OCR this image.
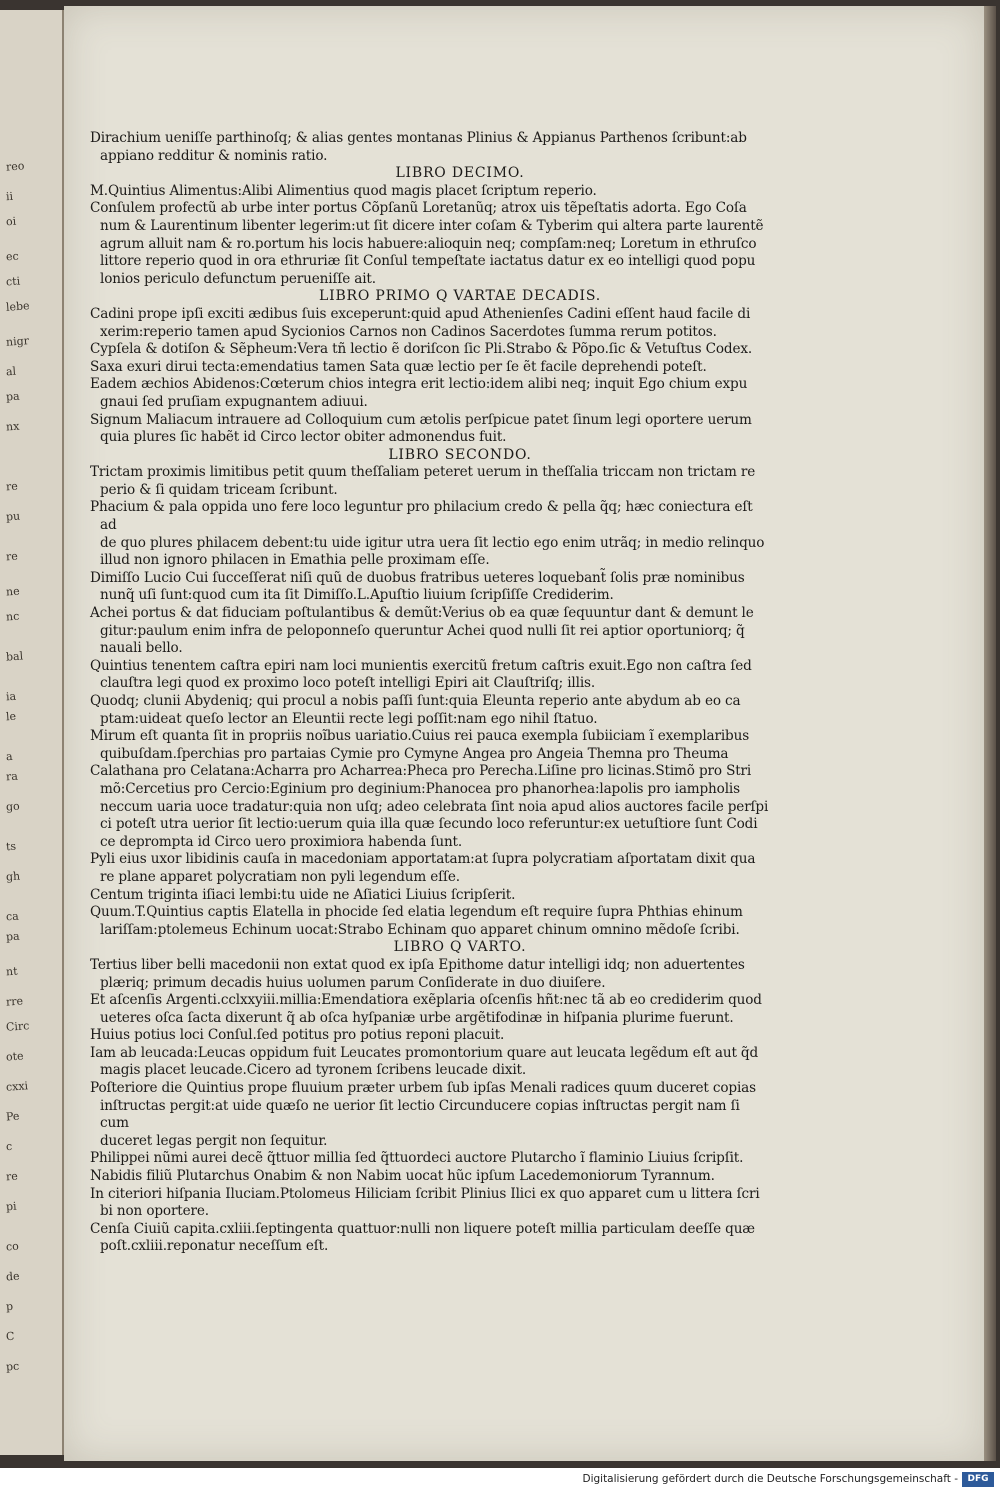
reo
ii
oi
ec
cti
lebe
nigr
al
pa
nx
re
pu
re
ne
nc
bal
ia
le
a
ra
go
ts
gh
ca
pa
nt
rre
Circ
ote
cxxi
Pe
c
re
pi
co
de
p
C
pc
Dirachium ueniſſe parthinoſq; & alias gentes montanas Plinius & Appianus Parthenos ſcribunt:ab
appiano redditur & nominis ratio.
LIBRO DECIMO.
M.Quintius Alimentus:Alibi Alimentius quod magis placet ſcriptum reperio.
Conſulem profectũ ab urbe inter portus Cõpſanũ Loretanũq; atrox uis tẽpeſtatis adorta. Ego Coſa
num & Laurentinum libenter legerim:ut ſit dicere inter coſam & Tyberim qui altera parte laurentẽ
agrum alluit nam & ro.portum his locis habuere:alioquin neq; compſam:neq; Loretum in ethruſco
littore reperio quod in ora ethruriæ ſit Conſul tempeſtate iactatus datur ex eo intelligi quod popu
lonios periculo defunctum perueniſſe ait.
LIBRO PRIMO Q VARTAE DECADIS.
Cadini prope ipſi exciti ædibus ſuis exceperunt:quid apud Athenienſes Cadini eſſent haud facile di
xerim:reperio tamen apud Sycionios Carnos non Cadinos Sacerdotes ſumma rerum potitos.
Cypſela & dotiſon & Sẽpheum:Vera tñ lectio ẽ doriſcon ſic Pli.Strabo & Põpo.ſic & Vetuſtus Codex.
Saxa exuri dirui tecta:emendatius tamen Sata quæ lectio per ſe ẽt facile deprehendi poteſt.
Eadem æchios Abidenos:Cœterum chios integra erit lectio:idem alibi neq; inquit Ego chium expu
gnaui ſed pruſiam expugnantem adiuui.
Signum Maliacum intrauere ad Colloquium cum ætolis perſpicue patet ſinum legi oportere uerum
quia plures ſic habẽt id Circo lector obiter admonendus fuit.
LIBRO SECONDO.
Trictam proximis limitibus petit quum theſſaliam peteret uerum in theſſalia triccam non trictam re
perio & ſi quidam triceam ſcribunt.
Phacium & pala oppida uno fere loco leguntur pro philacium credo & pella q̃q; hæc coniectura eſt ad
de quo plures philacem debent:tu uide igitur utra uera ſit lectio ego enim utrãq; in medio relinquo
illud non ignoro philacen in Emathia pelle proximam eſſe.
Dimiſſo Lucio Cui ſucceſſerat niſi quũ de duobus fratribus ueteres loquebant̃ ſolis præ nominibus
nunq̃ uſi ſunt:quod cum ita ſit Dimiſſo.L.Apuſtio liuium ſcripſiſſe Crediderim.
Achei portus & dat fiduciam poſtulantibus & demũt:Verius ob ea quæ ſequuntur dant & demunt le
gitur:paulum enim infra de peloponneſo queruntur Achei quod nulli ſit rei aptior oportuniorq; q̃
nauali bello.
Quintius tenentem caſtra epiri nam loci munientis exercitũ fretum caſtris exuit.Ego non caſtra ſed
clauſtra legi quod ex proximo loco poteſt intelligi Epiri ait Clauſtriſq; illis.
Quodq; clunii Abydeniq; qui procul a nobis paſſi ſunt:quia Eleunta reperio ante abydum ab eo ca
ptam:uideat queſo lector an Eleuntii recte legi poſſit:nam ego nihil ſtatuo.
Mirum eſt quanta ſit in propriis noĩbus uariatio.Cuius rei pauca exempla ſubiiciam ĩ exemplaribus
quibuſdam.ſperchias pro partaias Cymie pro Cymyne Angea pro Angeia Themna pro Theuma
Calathana pro Celatana:Acharra pro Acharrea:Pheca pro Perecha.Liſine pro licinas.Stimõ pro Stri
mõ:Cercetius pro Cercio:Eginium pro deginium:Phanocea pro phanorhea:lapolis pro iampholis
neccum uaria uoce tradatur:quia non uſq; adeo celebrata ſint noia apud alios auctores facile perſpi
ci poteſt utra uerior ſit lectio:uerum quia illa quæ ſecundo loco referuntur:ex uetuſtiore ſunt Codi
ce deprompta id Circo uero proximiora habenda ſunt.
Pyli eius uxor libidinis cauſa in macedoniam apportatam:at ſupra polycratiam aſportatam dixit qua
re plane apparet polycratiam non pyli legendum eſſe.
Centum triginta iſiaci lembi:tu uide ne Aſiatici Liuius ſcripſerit.
Quum.T.Quintius captis Elatella in phocide ſed elatia legendum eſt require ſupra Phthias ehinum
lariſſam:ptolemeus Echinum uocat:Strabo Echinam quo apparet chinum omnino mẽdoſe ſcribi.
LIBRO Q VARTO.
Tertius liber belli macedonii non extat quod ex ipſa Epithome datur intelligi idq; non aduertentes
plæriq; primum decadis huius uolumen parum Conſiderate in duo diuiſere.
Et aſcenſis Argenti.cclxxyiii.millia:Emendatiora exẽplaria oſcenſis hñt:nec tã ab eo crediderim quod
ueteres oſca ſacta dixerunt q̃ ab oſca hyſpaniæ urbe argẽtifodinæ in hiſpania plurime fuerunt.
Huius potius loci Conſul.ſed potitus pro potius reponi placuit.
Iam ab leucada:Leucas oppidum fuit Leucates promontorium quare aut leucata legẽdum eſt aut q̃d
magis placet leucade.Cicero ad tyronem ſcribens leucade dixit.
Poſteriore die Quintius prope fluuium præter urbem ſub ipſas Menali radices quum duceret copias
inſtructas pergit:at uide quæſo ne uerior ſit lectio Circunducere copias inſtructas pergit nam ſi cum
duceret legas pergit non ſequitur.
Philippei nũmi aurei decẽ q̃ttuor millia ſed q̃ttuordeci auctore Plutarcho ĩ flaminio Liuius ſcripſit.
Nabidis filiũ Plutarchus Onabim & non Nabim uocat hũc ipſum Lacedemoniorum Tyrannum.
In citeriori hiſpania Iluciam.Ptolomeus Hiliciam ſcribit Plinius Ilici ex quo apparet cum u littera ſcri
bi non oportere.
Cenſa Ciuiũ capita.cxliii.ſeptingenta quattuor:nulli non liquere poteſt millia particulam deeſſe quæ
poſt.cxliii.reponatur neceſſum eſt.
Digitalisierung gefördert durch die Deutsche Forschungsgemeinschaft -	DFG
